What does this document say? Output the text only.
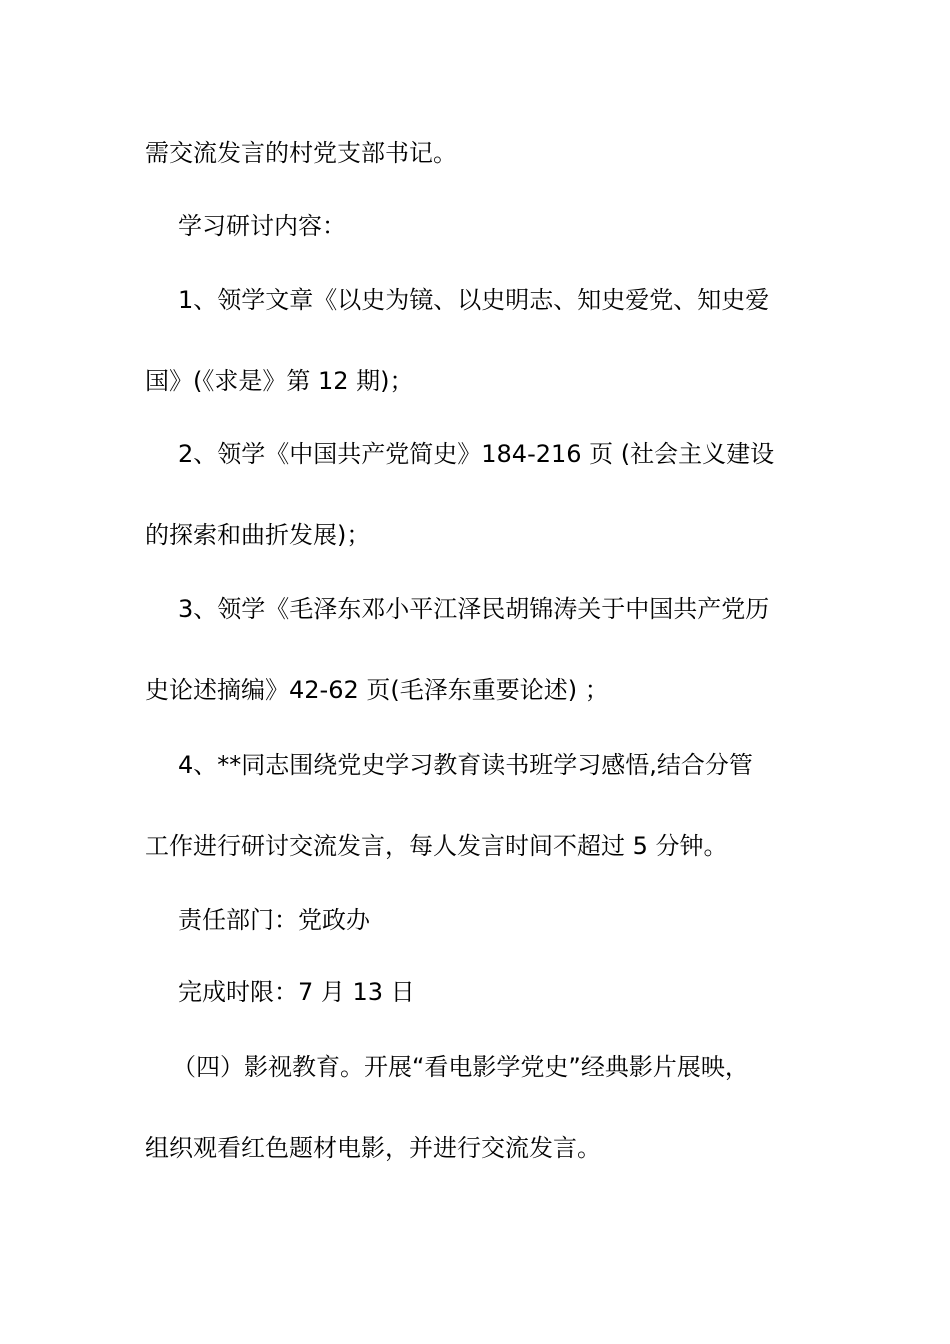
需交流发言的村党支部书记。
学习研讨内容：
1、领学文章《以史为镜、以史明志、知史爱党、知史爱
国》(《求是》第 12 期)；
2、领学《中国共产党简史》184-216 页 (社会主义建设
的探索和曲折发展)；
3、领学《毛泽东邓小平江泽民胡锦涛关于中国共产党历
史论述摘编》42-62 页(毛泽东重要论述) ；
4、**同志围绕党史学习教育读书班学习感悟,结合分管
工作进行研讨交流发言，每人发言时间不超过 5 分钟。
责任部门：党政办
完成时限：7 月 13 日
（四）影视教育。开展“看电影学党史”经典影片展映，
组织观看红色题材电影，并进行交流发言。
